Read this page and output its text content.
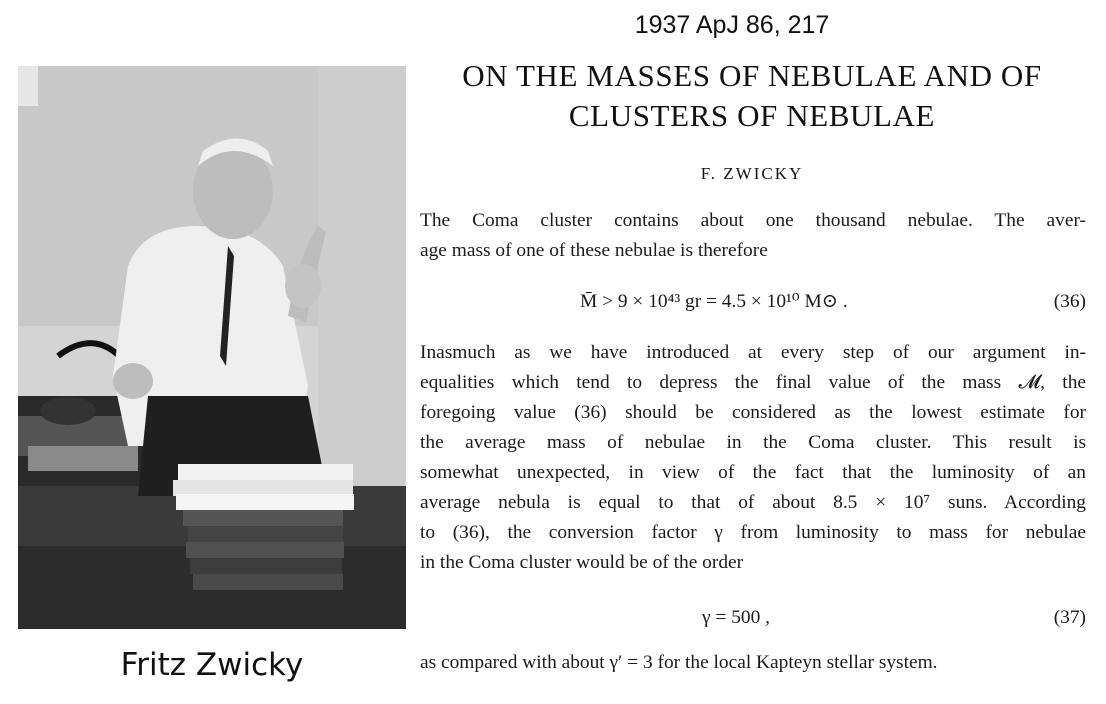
Fritz Zwicky
1937 ApJ 86, 217
ON THE MASSES OF NEBULAE AND OF
CLUSTERS OF NEBULAE
F. ZWICKY
The Coma cluster contains about one thousand nebulae. The aver-
age mass of one of these nebulae is therefore
M̄ > 9 × 10⁴³ gr = 4.5 × 10¹⁰ M⊙ .	(36)
Inasmuch as we have introduced at every step of our argument in-
equalities which tend to depress the final value of the mass 𝓜, the
foregoing value (36) should be considered as the lowest estimate for
the average mass of nebulae in the Coma cluster. This result is
somewhat unexpected, in view of the fact that the luminosity of an
average nebula is equal to that of about 8.5 × 10⁷ suns. According
to (36), the conversion factor γ from luminosity to mass for nebulae
in the Coma cluster would be of the order
γ = 500 ,	(37)
as compared with about γ′ = 3 for the local Kapteyn stellar system.
